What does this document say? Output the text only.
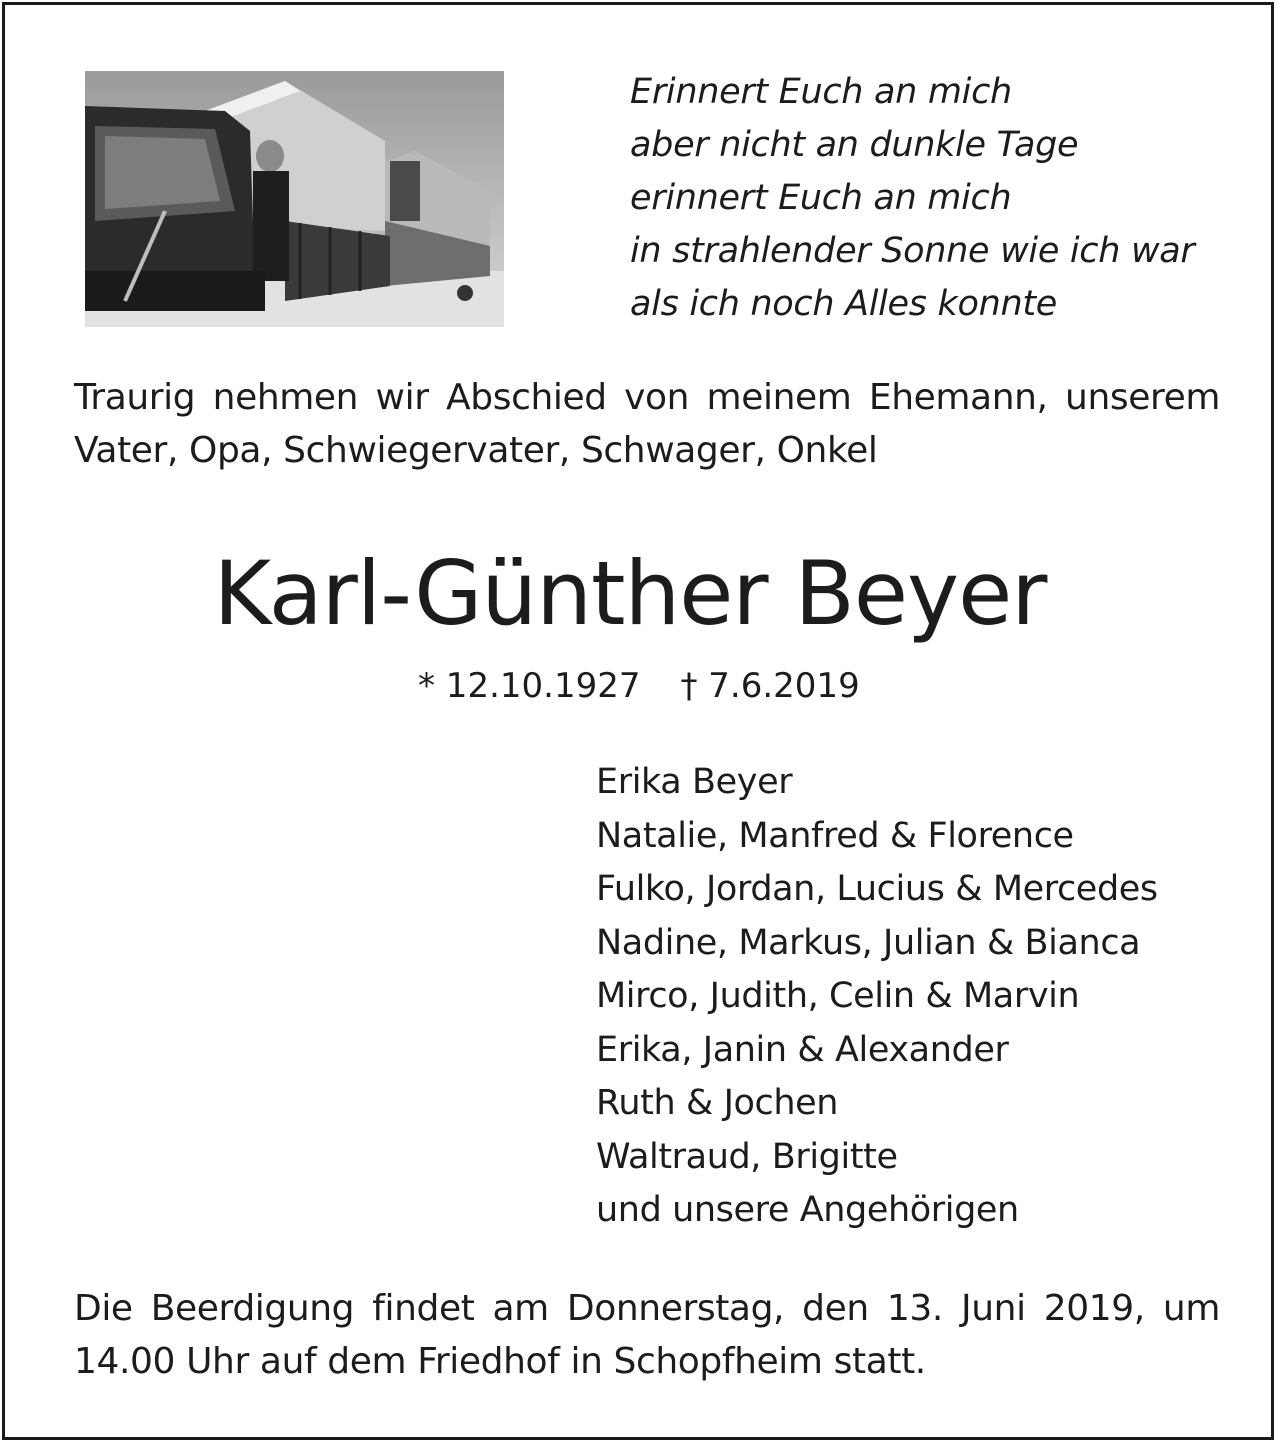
Erinnert Euch an mich
aber nicht an dunkle Tage
erinnert Euch an mich
in strahlender Sonne wie ich war
als ich noch Alles konnte
Traurig nehmen wir Abschied von meinem Ehemann, unserem
Vater, Opa, Schwiegervater, Schwager, Onkel
Karl-Günther Beyer
* 12.10.1927 † 7.6.2019
Erika Beyer
Natalie, Manfred & Florence
Fulko, Jordan, Lucius & Mercedes
Nadine, Markus, Julian & Bianca
Mirco, Judith, Celin & Marvin
Erika, Janin & Alexander
Ruth & Jochen
Waltraud, Brigitte
und unsere Angehörigen
Die Beerdigung findet am Donnerstag, den 13. Juni 2019, um
14.00 Uhr auf dem Friedhof in Schopfheim statt.
